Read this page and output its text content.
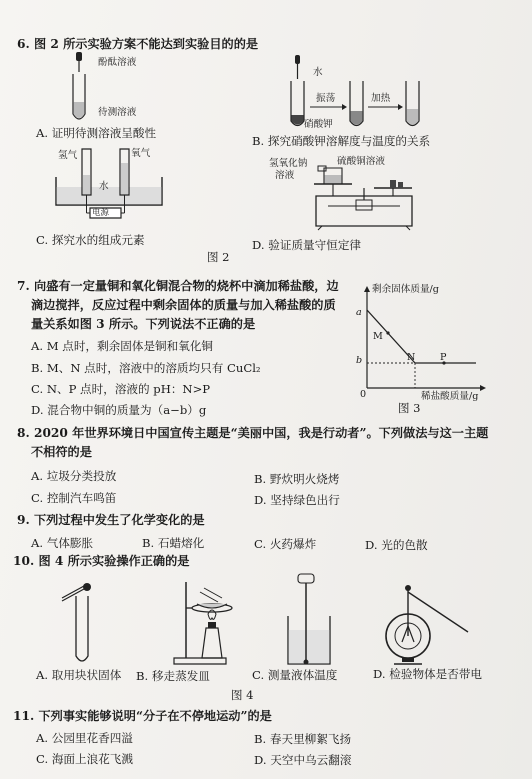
6. 图 2 所示实验方案不能达到实验目的的是
酚酞溶液
待测溶液
水
振荡	加热
硝酸钾
A. 证明待测溶液呈酸性
B. 探究硝酸钾溶解度与温度的关系
氢气	氧气
水
电源
氢氧化钠
溶液
硫酸铜溶液
C. 探究水的组成元素	D. 验证质量守恒定律
图 2
7. 向盛有一定量铜和氧化铜混合物的烧杯中滴加稀盐酸，边
滴边搅拌，反应过程中剩余固体的质量与加入稀盐酸的质
量关系如图 3 所示。下列说法不正确的是
A. M 点时，剩余固体是铜和氧化铜
B. M、N 点时，溶液中的溶质均只有 CuCl₂
C. N、P 点时，溶液的 pH：N>P
D. 混合物中铜的质量为（a−b）g
剩余固体质量/g
a
M
b	N	P
0	稀盐酸质量/g
图 3
8. 2020 年世界环境日中国宣传主题是“美丽中国，我是行动者”。下列做法与这一主题
不相符的是
A. 垃圾分类投放	B. 野炊明火烧烤
C. 控制汽车鸣笛	D. 坚持绿色出行
9. 下列过程中发生了化学变化的是
A. 气体膨胀	B. 石蜡熔化	C. 火药爆炸	D. 光的色散
10. 图 4 所示实验操作正确的是
A. 取用块状固体 B. 移走蒸发皿	C. 测量液体温度	D. 检验物体是否带电
图 4
11. 下列事实能够说明“分子在不停地运动”的是
A. 公园里花香四溢	B. 春天里柳絮飞扬
C. 海面上浪花飞溅	D. 天空中乌云翻滚
